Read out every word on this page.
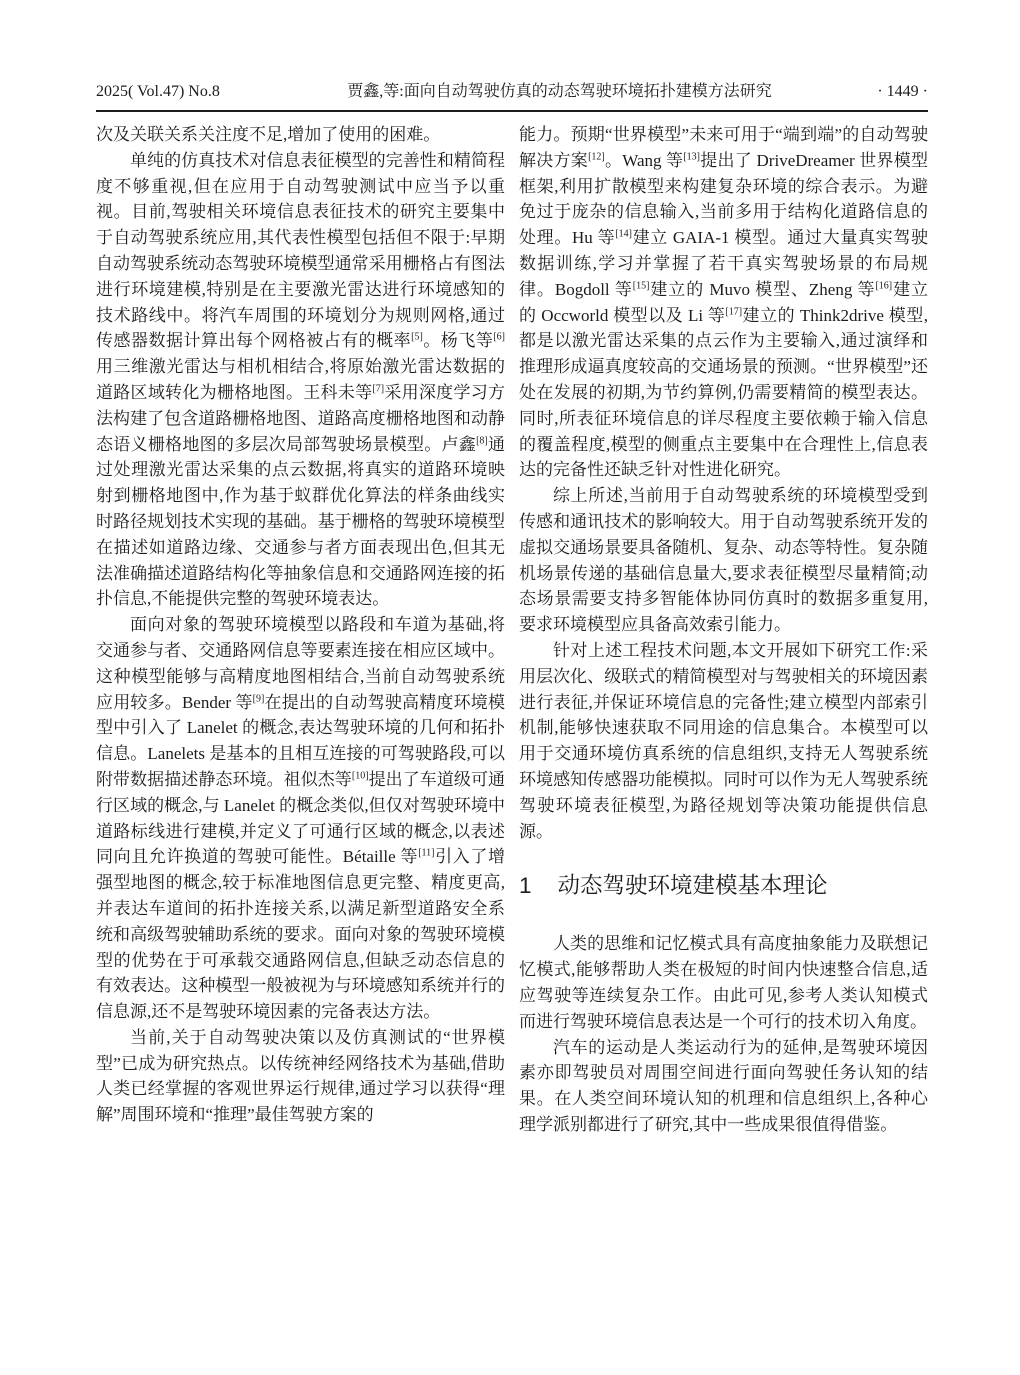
2025( Vol.47) No.8	贾鑫,等:面向自动驾驶仿真的动态驾驶环境拓扑建模方法研究	· 1449 ·

次及关联关系关注度不足,增加了使用的困难。

单纯的仿真技术对信息表征模型的完善性和精简程度不够重视,但在应用于自动驾驶测试中应当予以重视。目前,驾驶相关环境信息表征技术的研究主要集中于自动驾驶系统应用,其代表性模型包括但不限于:早期自动驾驶系统动态驾驶环境模型通常采用栅格占有图法进行环境建模,特别是在主要激光雷达进行环境感知的技术路线中。将汽车周围的环境划分为规则网格,通过传感器数据计算出每个网格被占有的概率[5]。杨飞等[6]用三维激光雷达与相机相结合,将原始激光雷达数据的道路区域转化为栅格地图。王科未等[7]采用深度学习方法构建了包含道路栅格地图、道路高度栅格地图和动静态语义栅格地图的多层次局部驾驶场景模型。卢鑫[8]通过处理激光雷达采集的点云数据,将真实的道路环境映射到栅格地图中,作为基于蚁群优化算法的样条曲线实时路径规划技术实现的基础。基于栅格的驾驶环境模型在描述如道路边缘、交通参与者方面表现出色,但其无法准确描述道路结构化等抽象信息和交通路网连接的拓扑信息,不能提供完整的驾驶环境表达。

面向对象的驾驶环境模型以路段和车道为基础,将交通参与者、交通路网信息等要素连接在相应区域中。这种模型能够与高精度地图相结合,当前自动驾驶系统应用较多。Bender 等[9]在提出的自动驾驶高精度环境模型中引入了 Lanelet 的概念,表达驾驶环境的几何和拓扑信息。Lanelets 是基本的且相互连接的可驾驶路段,可以附带数据描述静态环境。祖似杰等[10]提出了车道级可通行区域的概念,与 Lanelet 的概念类似,但仅对驾驶环境中道路标线进行建模,并定义了可通行区域的概念,以表述同向且允许换道的驾驶可能性。Bétaille 等[11]引入了增强型地图的概念,较于标准地图信息更完整、精度更高,并表达车道间的拓扑连接关系,以满足新型道路安全系统和高级驾驶辅助系统的要求。面向对象的驾驶环境模型的优势在于可承载交通路网信息,但缺乏动态信息的有效表达。这种模型一般被视为与环境感知系统并行的信息源,还不是驾驶环境因素的完备表达方法。

当前,关于自动驾驶决策以及仿真测试的“世界模型”已成为研究热点。以传统神经网络技术为基础,借助人类已经掌握的客观世界运行规律,通过学习以获得“理解”周围环境和“推理”最佳驾驶方案的

能力。预期“世界模型”未来可用于“端到端”的自动驾驶解决方案[12]。Wang 等[13]提出了 DriveDreamer 世界模型框架,利用扩散模型来构建复杂环境的综合表示。为避免过于庞杂的信息输入,当前多用于结构化道路信息的处理。Hu 等[14]建立 GAIA-1 模型。通过大量真实驾驶数据训练,学习并掌握了若干真实驾驶场景的布局规律。Bogdoll 等[15]建立的 Muvo 模型、Zheng 等[16]建立的 Occworld 模型以及 Li 等[17]建立的 Think2drive 模型,都是以激光雷达采集的点云作为主要输入,通过演绎和推理形成逼真度较高的交通场景的预测。“世界模型”还处在发展的初期,为节约算例,仍需要精简的模型表达。同时,所表征环境信息的详尽程度主要依赖于输入信息的覆盖程度,模型的侧重点主要集中在合理性上,信息表达的完备性还缺乏针对性进化研究。

综上所述,当前用于自动驾驶系统的环境模型受到传感和通讯技术的影响较大。用于自动驾驶系统开发的虚拟交通场景要具备随机、复杂、动态等特性。复杂随机场景传递的基础信息量大,要求表征模型尽量精简;动态场景需要支持多智能体协同仿真时的数据多重复用,要求环境模型应具备高效索引能力。

针对上述工程技术问题,本文开展如下研究工作:采用层次化、级联式的精简模型对与驾驶相关的环境因素进行表征,并保证环境信息的完备性;建立模型内部索引机制,能够快速获取不同用途的信息集合。本模型可以用于交通环境仿真系统的信息组织,支持无人驾驶系统环境感知传感器功能模拟。同时可以作为无人驾驶系统驾驶环境表征模型,为路径规划等决策功能提供信息源。

1 动态驾驶环境建模基本理论

人类的思维和记忆模式具有高度抽象能力及联想记忆模式,能够帮助人类在极短的时间内快速整合信息,适应驾驶等连续复杂工作。由此可见,参考人类认知模式而进行驾驶环境信息表达是一个可行的技术切入角度。

汽车的运动是人类运动行为的延伸,是驾驶环境因素亦即驾驶员对周围空间进行面向驾驶任务认知的结果。在人类空间环境认知的机理和信息组织上,各种心理学派别都进行了研究,其中一些成果很值得借鉴。
